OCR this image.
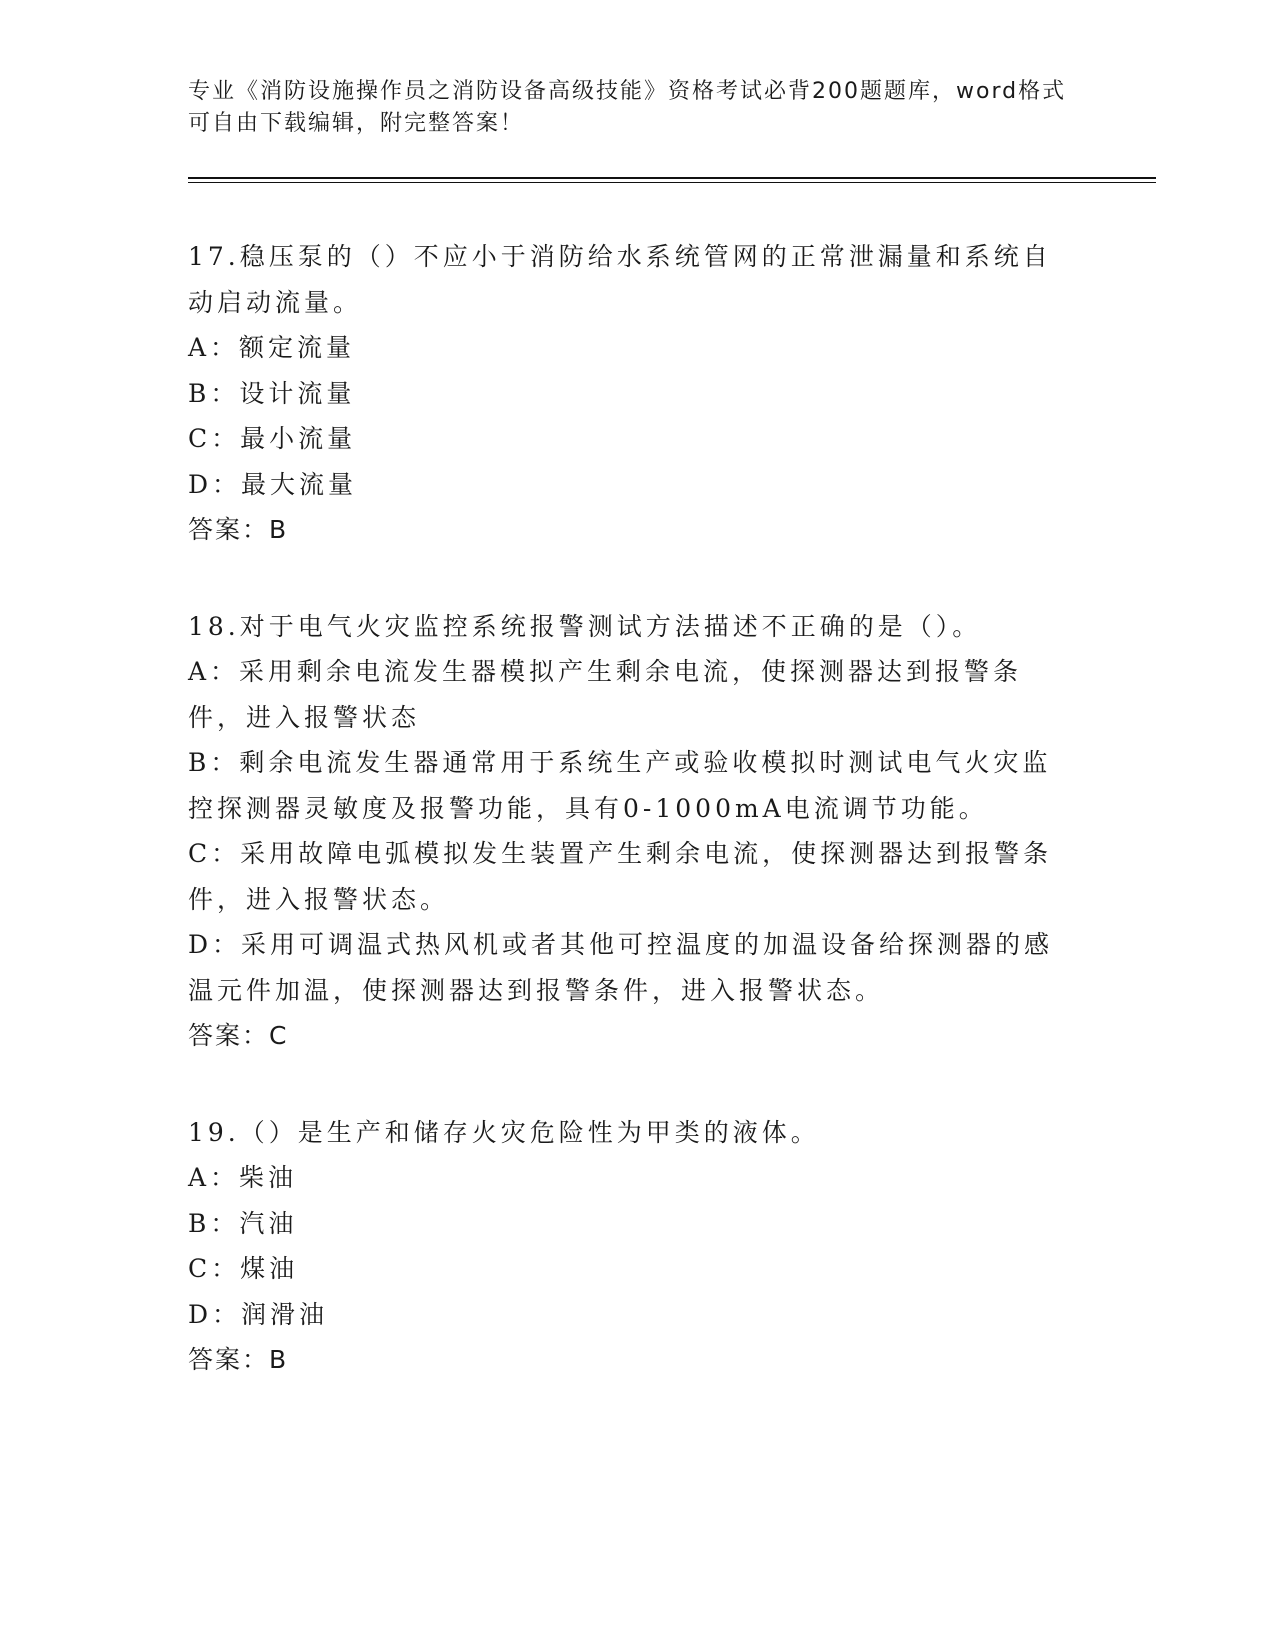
专业《消防设施操作员之消防设备高级技能》资格考试必背200题题库，word格式可自由下载编辑，附完整答案！
17.稳压泵的（）不应小于消防给水系统管网的正常泄漏量和系统自动启动流量。
A：额定流量
B：设计流量
C：最小流量
D：最大流量
答案：B
18.对于电气火灾监控系统报警测试方法描述不正确的是（）。
A：采用剩余电流发生器模拟产生剩余电流，使探测器达到报警条件，进入报警状态
B：剩余电流发生器通常用于系统生产或验收模拟时测试电气火灾监控探测器灵敏度及报警功能，具有0-1000mA电流调节功能。
C：采用故障电弧模拟发生装置产生剩余电流，使探测器达到报警条件，进入报警状态。
D：采用可调温式热风机或者其他可控温度的加温设备给探测器的感温元件加温，使探测器达到报警条件，进入报警状态。
答案：C
19.（）是生产和储存火灾危险性为甲类的液体。
A：柴油
B：汽油
C：煤油
D：润滑油
答案：B
